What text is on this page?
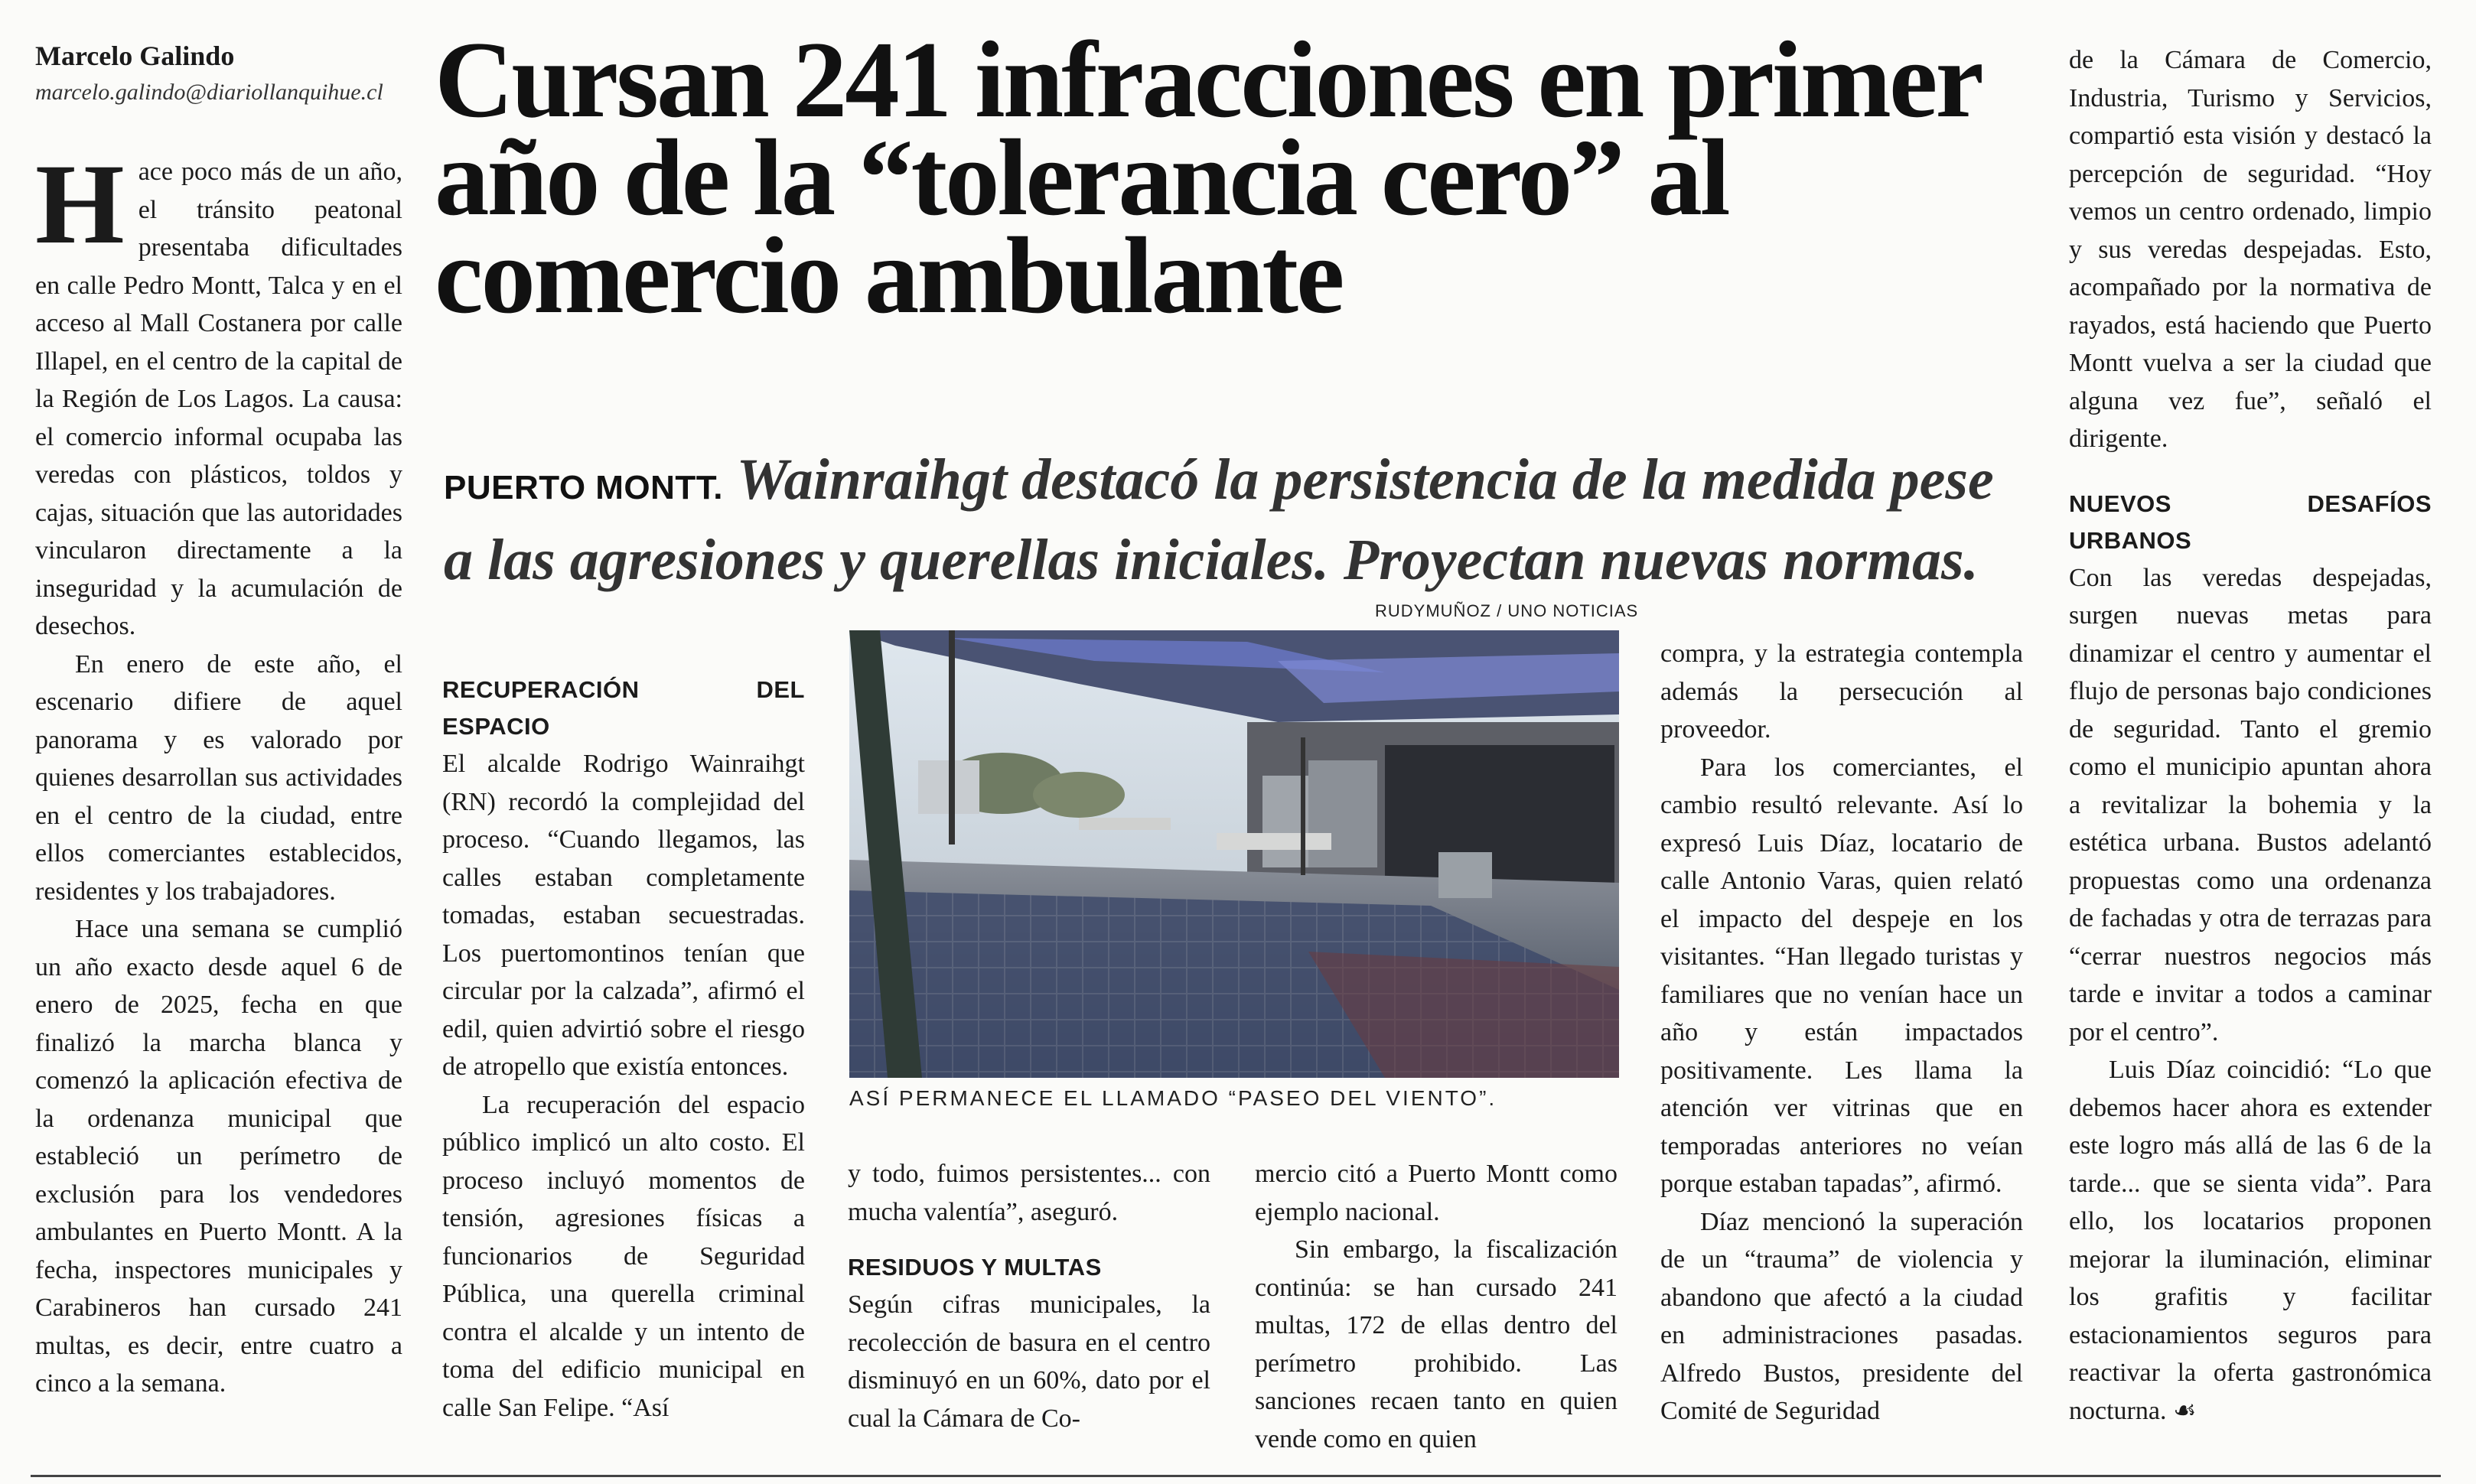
Marcelo Galindo
marcelo.galindo@diariollanquihue.cl Cursan 241 infracciones en primer año de la “tolerancia cero” al comercio ambulante
PUERTO MONTT. Wainraihgt destacó la persistencia de la medida pese a las agresiones y querellas iniciales. Proyectan nuevas normas.

Hace poco más de un año, el tránsito peatonal presentaba dificultades en calle Pedro Montt, Talca y en el acceso al Mall Costanera por calle Illapel, en el centro de la capital de la Región de Los Lagos. La causa: el comercio informal ocupaba las veredas con plásticos, toldos y cajas, situación que las autoridades vincularon directamente a la inseguridad y la acumulación de desechos.

En enero de este año, el escenario difiere de aquel panorama y es valorado por quienes desarrollan sus actividades en el centro de la ciudad, entre ellos comerciantes establecidos, residentes y los trabajadores.

Hace una semana se cumplió un año exacto desde aquel 6 de enero de 2025, fecha en que finalizó la marcha blanca y comenzó la aplicación efectiva de la ordenanza municipal que estableció un perímetro de exclusión para los vendedores ambulantes en Puerto Montt. A la fecha, inspectores municipales y Carabineros han cursado 241 multas, es decir, entre cuatro a cinco a la semana.

RECUPERACIÓN DEL ESPACIO

El alcalde Rodrigo Wainraihgt (RN) recordó la complejidad del proceso. “Cuando llegamos, las calles estaban completamente tomadas, estaban secuestradas. Los puertomontinos tenían que circular por la calzada”, afirmó el edil, quien advirtió sobre el riesgo de atropello que existía entonces.

La recuperación del espacio público implicó un alto costo. El proceso incluyó momentos de tensión, agresiones físicas a funcionarios de Seguridad Pública, una querella criminal contra el alcalde y un intento de toma del edificio municipal en calle San Felipe. “Así

RUDYMUÑOZ / UNO NOTICIAS
ASÍ PERMANECE EL LLAMADO “PASEO DEL VIENTO”.

y todo, fuimos persistentes... con mucha valentía”, aseguró.

RESIDUOS Y MULTAS

Según cifras municipales, la recolección de basura en el centro disminuyó en un 60%, dato por el cual la Cámara de Co-

mercio citó a Puerto Montt como ejemplo nacional.

Sin embargo, la fiscalización continúa: se han cursado 241 multas, 172 de ellas dentro del perímetro prohibido. Las sanciones recaen tanto en quien vende como en quien

compra, y la estrategia contempla además la persecución al proveedor.

Para los comerciantes, el cambio resultó relevante. Así lo expresó Luis Díaz, locatario de calle Antonio Varas, quien relató el impacto del despeje en los visitantes. “Han llegado turistas y familiares que no venían hace un año y están impactados positivamente. Les llama la atención ver vitrinas que en temporadas anteriores no veían porque estaban tapadas”, afirmó.

Díaz mencionó la superación de un “trauma” de violencia y abandono que afectó a la ciudad en administraciones pasadas. Alfredo Bustos, presidente del Comité de Seguridad

de la Cámara de Comercio, Industria, Turismo y Servicios, compartió esta visión y destacó la percepción de seguridad. “Hoy vemos un centro ordenado, limpio y sus veredas despejadas. Esto, acompañado por la normativa de rayados, está haciendo que Puerto Montt vuelva a ser la ciudad que alguna vez fue”, señaló el dirigente.

NUEVOS DESAFÍOS URBANOS

Con las veredas despejadas, surgen nuevas metas para dinamizar el centro y aumentar el flujo de personas bajo condiciones de seguridad. Tanto el gremio como el municipio apuntan ahora a revitalizar la bohemia y la estética urbana. Bustos adelantó propuestas como una ordenanza de fachadas y otra de terrazas para “cerrar nuestros negocios más tarde e invitar a todos a caminar por el centro”.

Luis Díaz coincidió: “Lo que debemos hacer ahora es extender este logro más allá de las 6 de la tarde... que se sienta vida”. Para ello, los locatarios proponen mejorar la iluminación, eliminar los grafitis y facilitar estacionamientos seguros para reactivar la oferta gastronómica nocturna. ☙
